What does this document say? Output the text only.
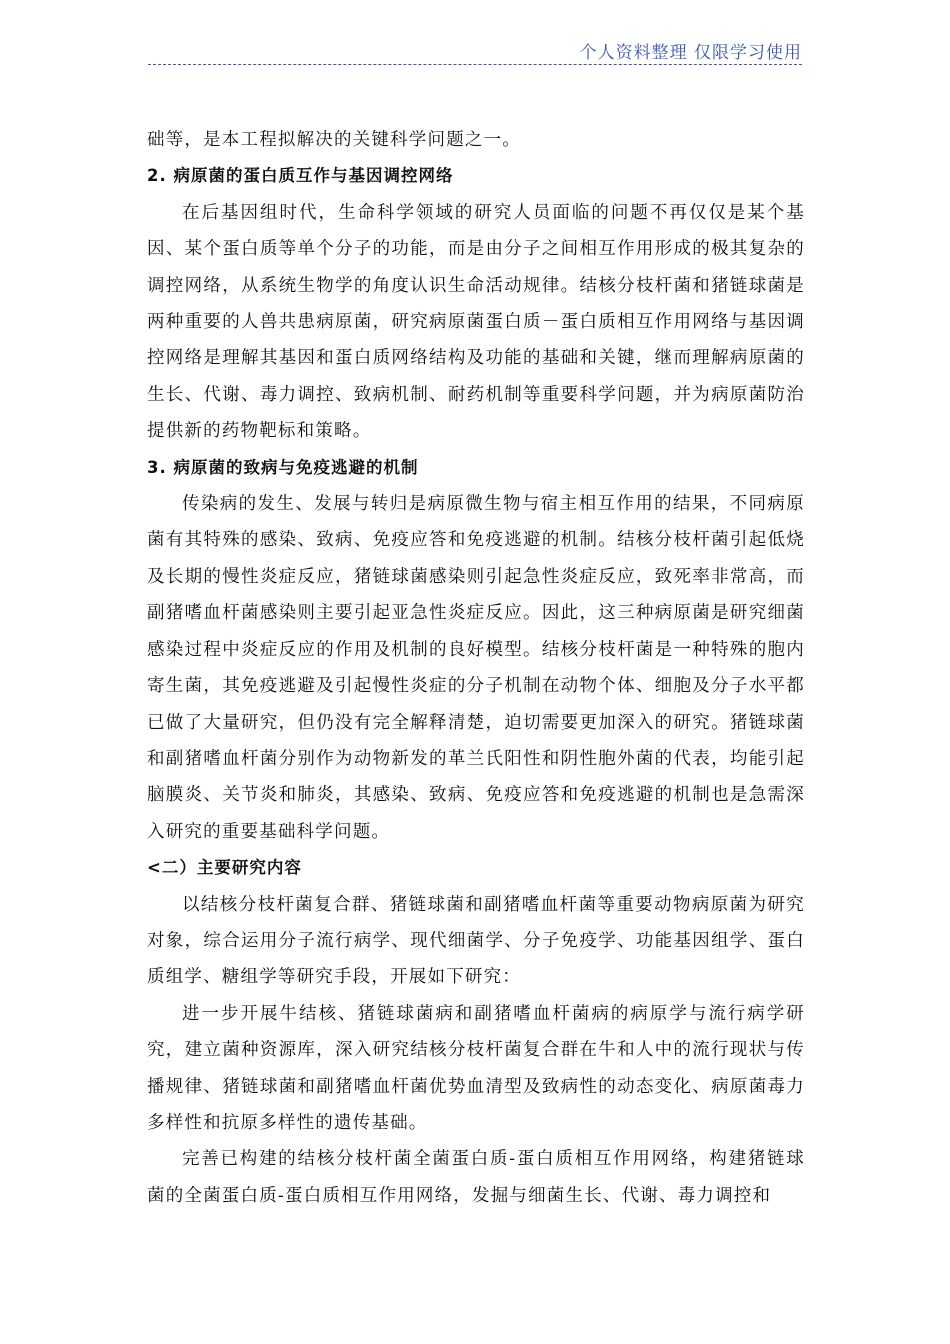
个人资料整理 仅限学习使用

础等，是本工程拟解决的关键科学问题之一。

2. 病原菌的蛋白质互作与基因调控网络

在后基因组时代，生命科学领域的研究人员面临的问题不再仅仅是某个基因、某个蛋白质等单个分子的功能，而是由分子之间相互作用形成的极其复杂的调控网络，从系统生物学的角度认识生命活动规律。结核分枝杆菌和猪链球菌是两种重要的人兽共患病原菌，研究病原菌蛋白质－蛋白质相互作用网络与基因调控网络是理解其基因和蛋白质网络结构及功能的基础和关键，继而理解病原菌的生长、代谢、毒力调控、致病机制、耐药机制等重要科学问题，并为病原菌防治提供新的药物靶标和策略。

3. 病原菌的致病与免疫逃避的机制

传染病的发生、发展与转归是病原微生物与宿主相互作用的结果，不同病原菌有其特殊的感染、致病、免疫应答和免疫逃避的机制。结核分枝杆菌引起低烧及长期的慢性炎症反应，猪链球菌感染则引起急性炎症反应，致死率非常高，而副猪嗜血杆菌感染则主要引起亚急性炎症反应。因此，这三种病原菌是研究细菌感染过程中炎症反应的作用及机制的良好模型。结核分枝杆菌是一种特殊的胞内寄生菌，其免疫逃避及引起慢性炎症的分子机制在动物个体、细胞及分子水平都已做了大量研究，但仍没有完全解释清楚，迫切需要更加深入的研究。猪链球菌和副猪嗜血杆菌分别作为动物新发的革兰氏阳性和阴性胞外菌的代表，均能引起脑膜炎、关节炎和肺炎，其感染、致病、免疫应答和免疫逃避的机制也是急需深入研究的重要基础科学问题。

<二）主要研究内容

以结核分枝杆菌复合群、猪链球菌和副猪嗜血杆菌等重要动物病原菌为研究对象，综合运用分子流行病学、现代细菌学、分子免疫学、功能基因组学、蛋白质组学、糖组学等研究手段，开展如下研究：

进一步开展牛结核、猪链球菌病和副猪嗜血杆菌病的病原学与流行病学研究，建立菌种资源库，深入研究结核分枝杆菌复合群在牛和人中的流行现状与传播规律、猪链球菌和副猪嗜血杆菌优势血清型及致病性的动态变化、病原菌毒力多样性和抗原多样性的遗传基础。

完善已构建的结核分枝杆菌全菌蛋白质-蛋白质相互作用网络，构建猪链球菌的全菌蛋白质-蛋白质相互作用网络，发掘与细菌生长、代谢、毒力调控和
